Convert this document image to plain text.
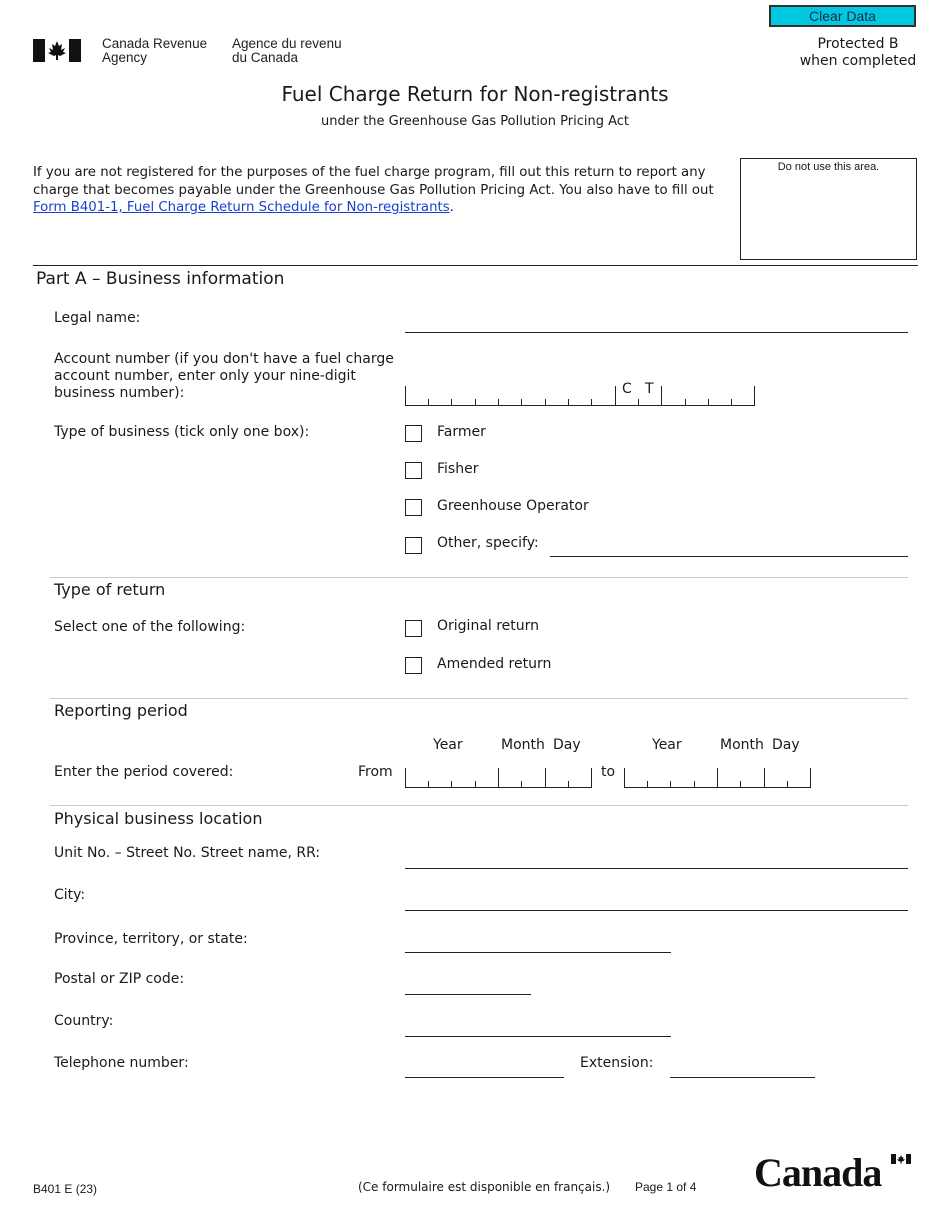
Canada Revenue
Agency
Agence du revenu
du Canada
Clear Data
Protected B
when completed
Fuel Charge Return for Non-registrants
under the Greenhouse Gas Pollution Pricing Act
If you are not registered for the purposes of the fuel charge program, fill out this return to report any charge that becomes payable under the Greenhouse Gas Pollution Pricing Act. You also have to fill out Form B401-1, Fuel Charge Return Schedule for Non-registrants.
Do not use this area.
Part A – Business information
Legal name:
Account number (if you don't have a fuel charge
account number, enter only your nine-digit
business number):	C T
Type of business (tick only one box):	Farmer
Fisher
Greenhouse Operator
Other, specify:
Type of return
Select one of the following:	Original return
Amended return
Reporting period
Year	Month Day	Year	Month Day
Enter the period covered:	From	to
Physical business location
Unit No. – Street No. Street name, RR:
City:
Province, territory, or state:
Postal or ZIP code:
Country:
Telephone number:	Extension:
B401 E (23)	(Ce formulaire est disponible en français.) Page 1 of 4 Canada
